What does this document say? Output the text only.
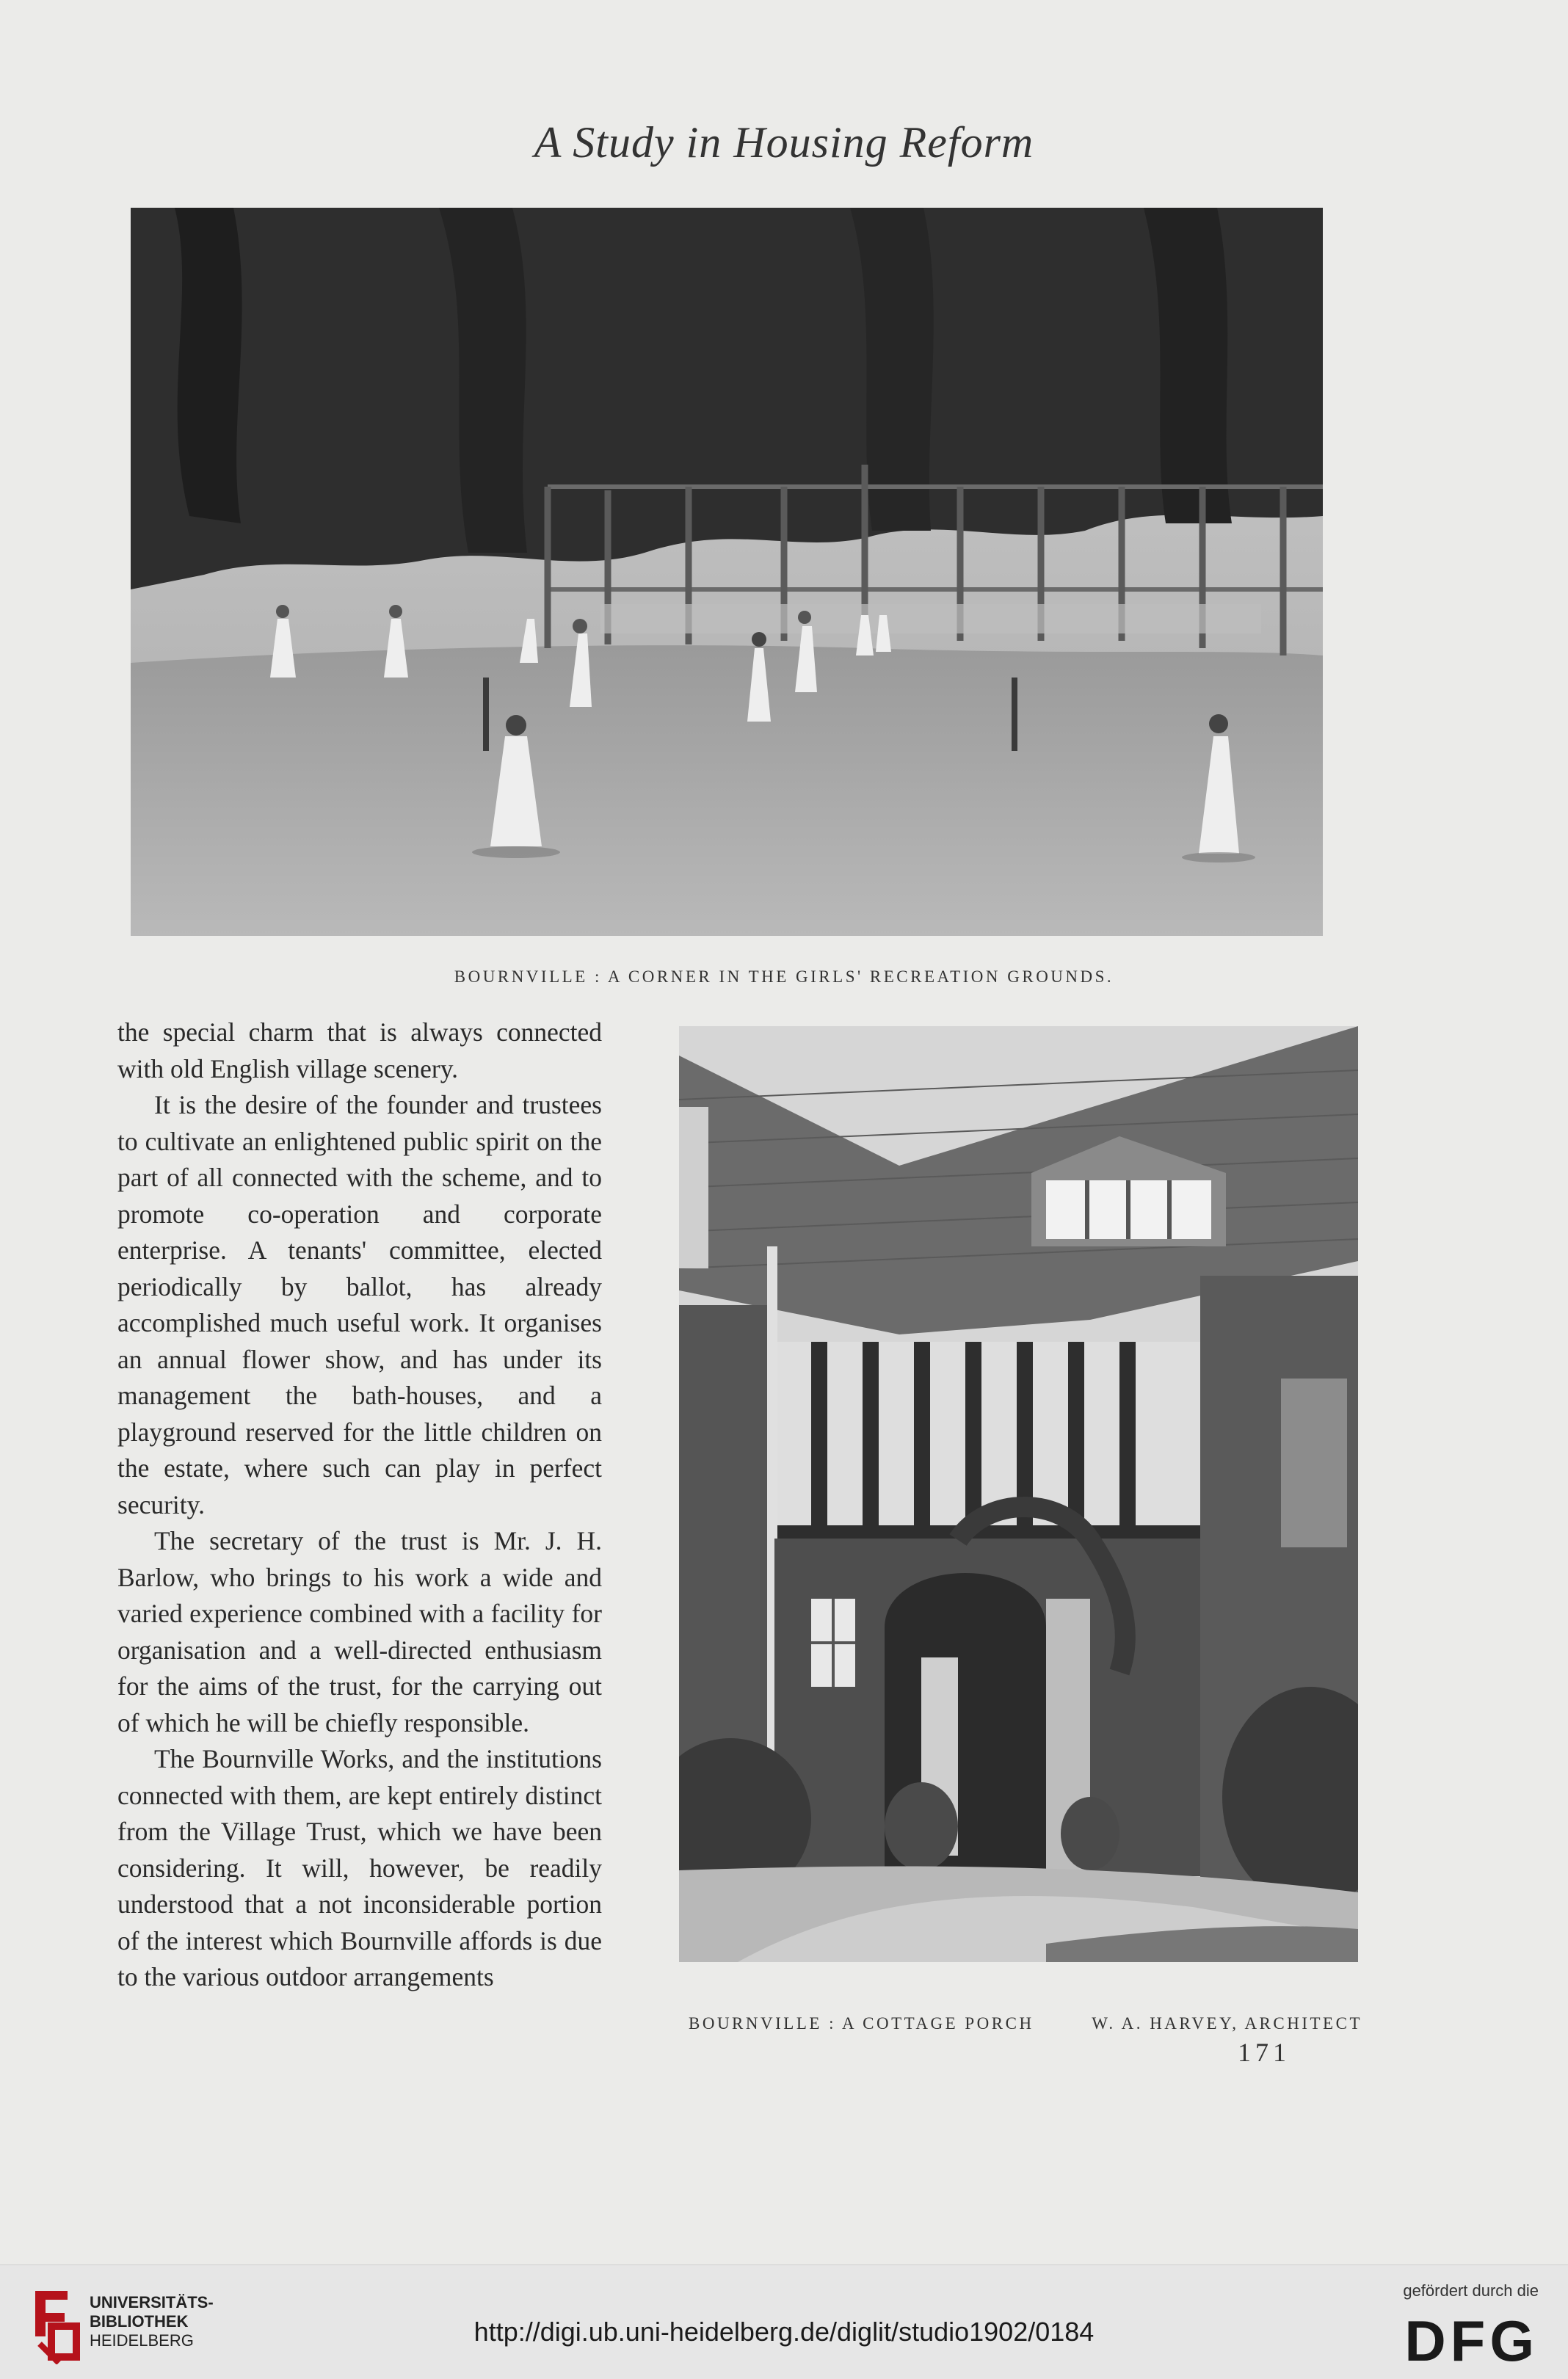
A Study in Housing Reform
BOURNVILLE : A CORNER IN THE GIRLS' RECREATION GROUNDS.

the special charm that is always connected with old English village scenery.

It is the desire of the founder and trustees to cultivate an enlightened public spirit on the part of all connected with the scheme, and to promote co-operation and corporate enterprise. A tenants' committee, elected periodically by ballot, has already accomplished much useful work. It organises an annual flower show, and has under its management the bath-houses, and a playground reserved for the little children on the estate, where such can play in perfect security.

The secretary of the trust is Mr. J. H. Barlow, who brings to his work a wide and varied experience combined with a facility for organisation and a well-directed enthusiasm for the aims of the trust, for the carrying out of which he will be chiefly responsible.

The Bournville Works, and the institutions connected with them, are kept entirely distinct from the Village Trust, which we have been considering. It will, however, be readily understood that a not inconsiderable portion of the interest which Bournville affords is due to the various outdoor arrangements

BOURNVILLE : A COTTAGE PORCH	W. A. HARVEY, ARCHITECT
171
UNIVERSITÄTS-
BIBLIOTHEK
HEIDELBERG	http://digi.ub.uni-heidelberg.de/diglit/studio1902/0184
gefördert durch die
DFG
